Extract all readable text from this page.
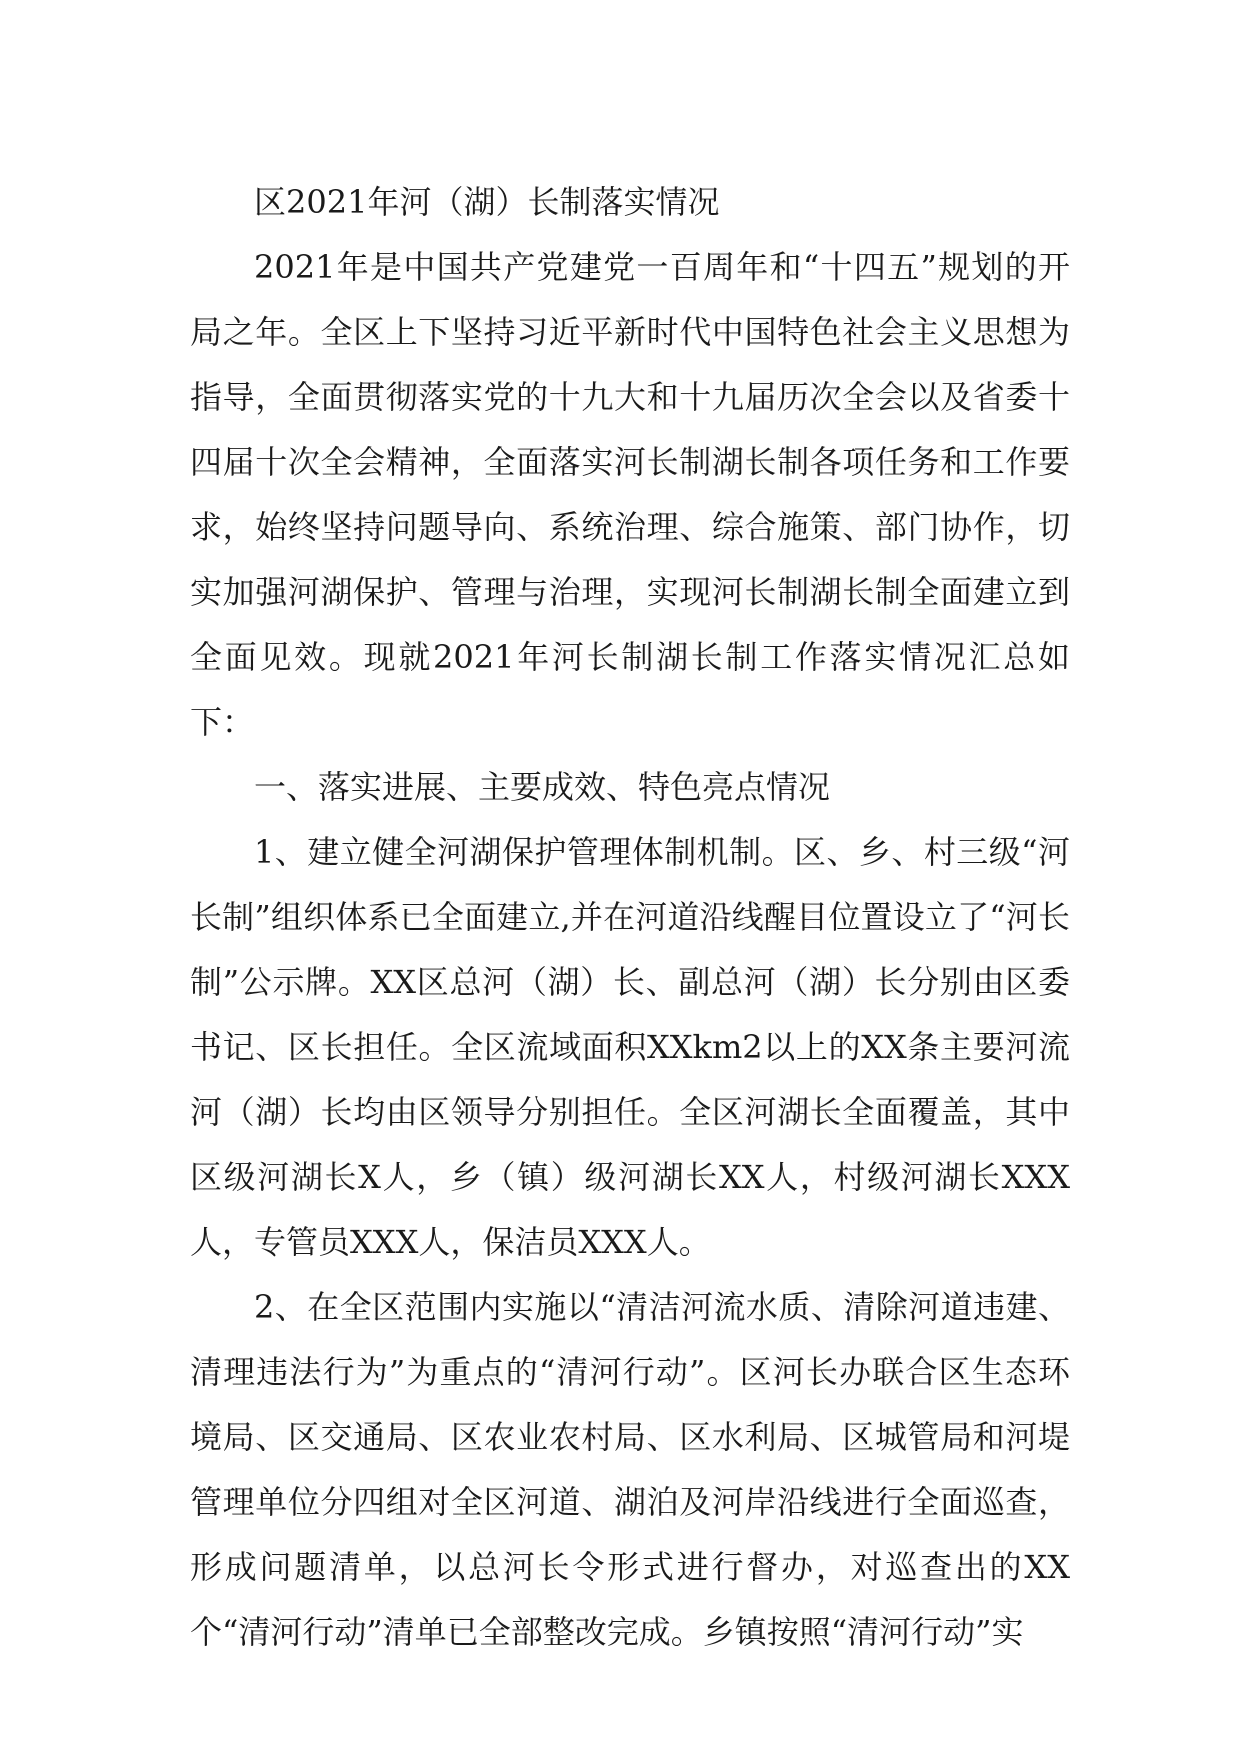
区2021年河（湖）长制落实情况

2021年是中国共产党建党一百周年和“十四五”规划的开局之年。全区上下坚持习近平新时代中国特色社会主义思想为指导，全面贯彻落实党的十九大和十九届历次全会以及省委十四届十次全会精神，全面落实河长制湖长制各项任务和工作要求，始终坚持问题导向、系统治理、综合施策、部门协作，切实加强河湖保护、管理与治理，实现河长制湖长制全面建立到全面见效。现就2021年河长制湖长制工作落实情况汇总如下：

一、落实进展、主要成效、特色亮点情况

1、建立健全河湖保护管理体制机制。区、乡、村三级“河长制”组织体系已全面建立,并在河道沿线醒目位置设立了“河长制”公示牌。XX区总河（湖）长、副总河（湖）长分别由区委书记、区长担任。全区流域面积XXkm2以上的XX条主要河流河（湖）长均由区领导分别担任。全区河湖长全面覆盖，其中区级河湖长X人，乡（镇）级河湖长XX人，村级河湖长XXX人，专管员XXX人，保洁员XXX人。

2、在全区范围内实施以“清洁河流水质、清除河道违建、清理违法行为”为重点的“清河行动”。区河长办联合区生态环境局、区交通局、区农业农村局、区水利局、区城管局和河堤管理单位分四组对全区河道、湖泊及河岸沿线进行全面巡查，形成问题清单，以总河长令形式进行督办，对巡查出的XX个“清河行动”清单已全部整改完成。乡镇按照“清河行动”实
